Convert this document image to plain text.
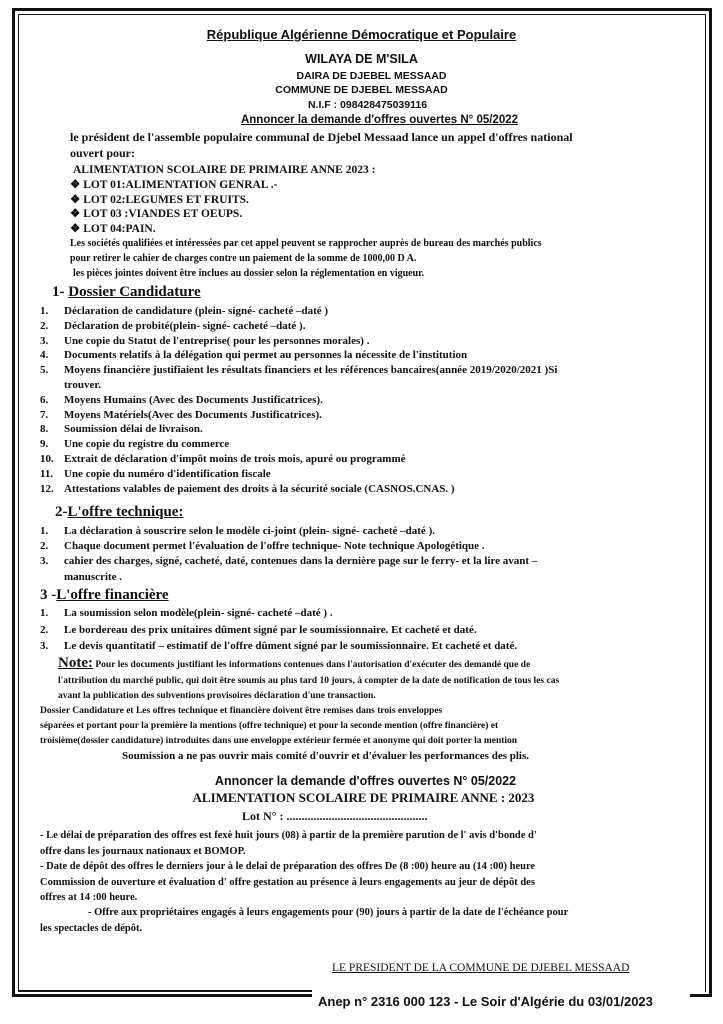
République Algérienne Démocratique et Populaire
WILAYA DE M'SILA
DAIRA DE DJEBEL MESSAAD
COMMUNE DE DJEBEL MESSAAD
N.I.F : 098428475039116
Annoncer la demande d'offres ouvertes N° 05/2022
le président de l'assemble populaire communal de Djebel Messaad lance un appel d'offres national
ouvert pour:
ALIMENTATION SCOLAIRE DE PRIMAIRE ANNE 2023 :
❖ LOT 01:ALIMENTATION GENRAL .-
❖ LOT 02:LEGUMES ET FRUITS.
❖ LOT 03 :VIANDES ET OEUPS.
❖ LOT 04:PAIN.
Les sociétés qualifiées et intéressées par cet appel peuvent se rapprocher auprès de bureau des marchés publics
pour retirer le cahier de charges contre un paiement de la somme de 1000,00 D A.
les pièces jointes doivent être inclues au dossier selon la réglementation en vigueur.
1- Dossier Candidature
1. Déclaration de candidature (plein- signé- cacheté –daté )
2. Déclaration de probité(plein- signé- cacheté –daté ).
3. Une copie du Statut de l'entreprise( pour les personnes morales) .
4. Documents relatifs à la délégation qui permet au personnes la nécessite de l'institution
5. Moyens financière justifiaient les résultats financiers et les références bancaires(année 2019/2020/2021 )Si
trouver.
6. Moyens Humains (Avec des Documents Justificatrices).
7. Moyens Matériels(Avec des Documents Justificatrices).
8. Soumission délai de livraison.
9. Une copie du registre du commerce
10. Extrait de déclaration d'impôt moins de trois mois, apuré ou programmé
11. Une copie du numéro d'identification fiscale
12. Attestations valables de paiement des droits à la sécurité sociale (CASNOS.CNAS. )
2-L'offre technique:
1. La déclaration à souscrire selon le modèle ci-joint (plein- signé- cacheté –daté ).
2. Chaque document permet l'évaluation de l'offre technique- Note technique Apologétique .
3. cahier des charges, signé, cacheté, daté, contenues dans la dernière page sur le ferry- et la lire avant –
manuscrite .
3 -L'offre financière
1. La soumission selon modèle(plein- signé- cacheté –daté ) .
2. Le bordereau des prix unitaires dûment signé par le soumissionnaire. Et cacheté et daté.
3. Le devis quantitatif – estimatif de l'offre dûment signé par le soumissionnaire. Et cacheté et daté.
Note: Pour les documents justifiant les informations contenues dans l'autorisation d'exécuter des demandé que de
l'attribution du marché public, qui doit être soumis au plus tard 10 jours, à compter de la date de notification de tous les cas
avant la publication des subventions provisoires déclaration d'une transaction.
Dossier Candidature et Les offres technique et financière doivent être remises dans trois enveloppes
séparées et portant pour la première la mentions (offre technique) et pour la seconde mention (offre financière) et
troisième(dossier candidature) introduites dans une enveloppe extérieur fermée et anonyme qui doit porter la mention
Soumission a ne pas ouvrir mais comité d'ouvrir et d'évaluer les performances des plis.
Annoncer la demande d'offres ouvertes N° 05/2022
ALIMENTATION SCOLAIRE DE PRIMAIRE ANNE : 2023
Lot N° : ...............................................
- Le délai de préparation des offres est fexè huit jours (08) à partir de la première parution de l' avis d'bonde d'
offre dans les journaux nationaux et BOMOP.
- Date de dépôt des offres le derniers jour à le delai de préparation des offres De (8 :00) heure au (14 :00) heure
Commission de ouverture et évaluation d' offre gestation au présence à leurs engagements au jeur de dépôt des
offres at 14 :00 heure.
- Offre aux propriétaires engagés à leurs engagements pour (90) jours à partir de la date de l'échéance pour
les spectacles de dépôt.
LE PRESIDENT DE LA COMMUNE DE DJEBEL MESSAAD
Anep n° 2316 000 123 - Le Soir d'Algérie du 03/01/2023
